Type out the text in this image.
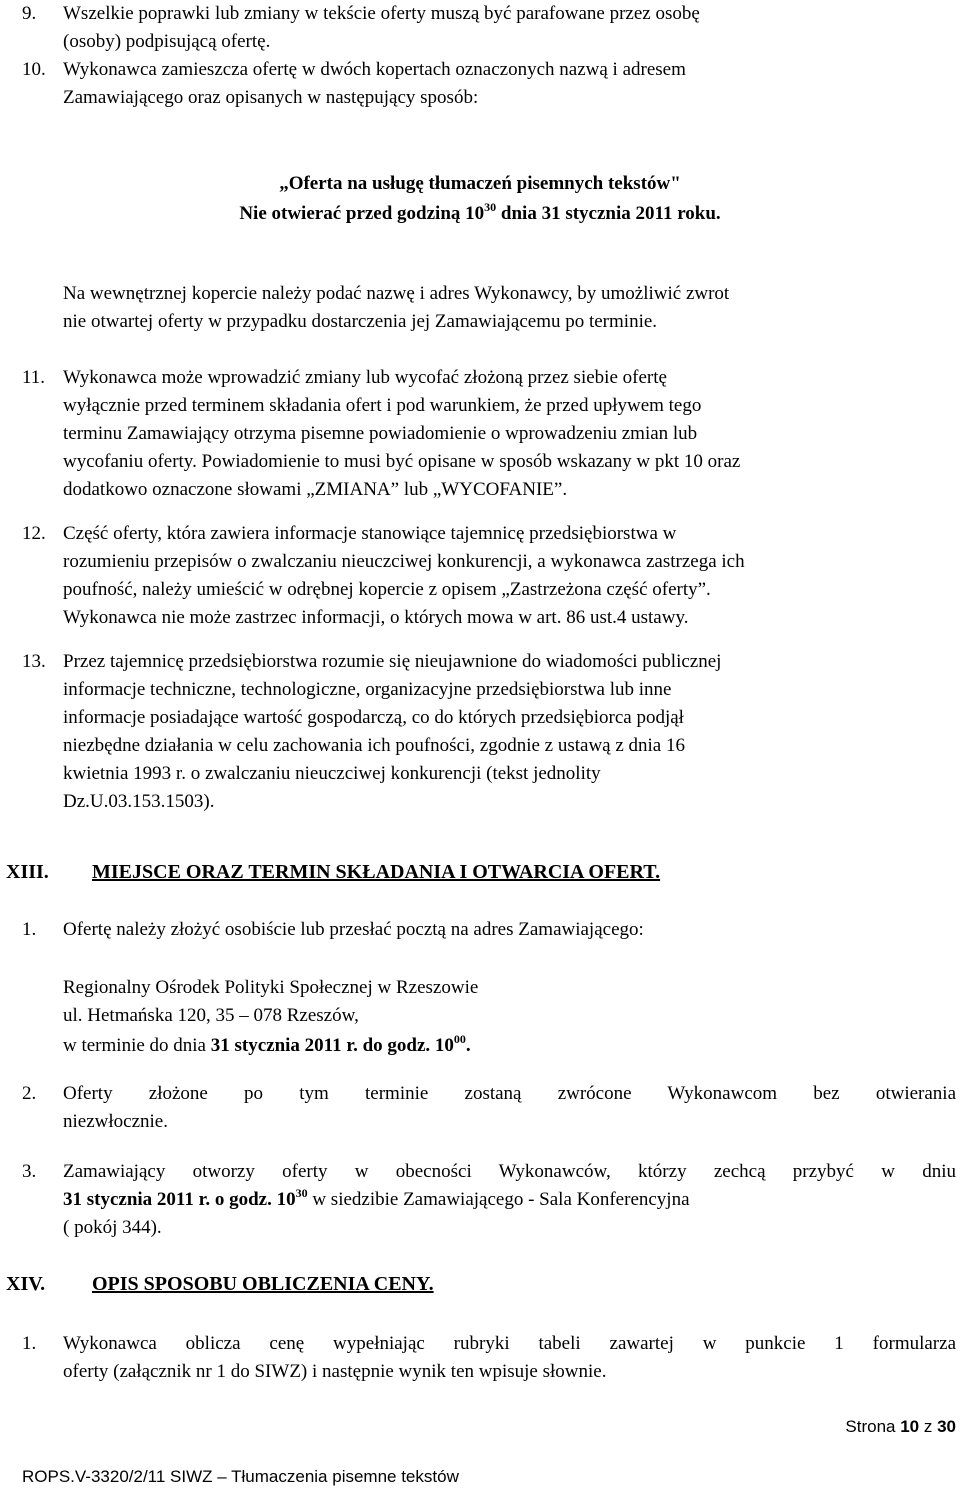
9. Wszelkie poprawki lub zmiany w tekście oferty muszą być parafowane przez osobę
(osoby) podpisującą ofertę.
10. Wykonawca zamieszcza ofertę w dwóch kopertach oznaczonych nazwą i adresem
Zamawiającego oraz opisanych w następujący sposób:
„Oferta na usługę tłumaczeń pisemnych tekstów"
Nie otwierać przed godziną $10^{30}$ dnia 31 stycznia 2011 roku.
Na wewnętrznej kopercie należy podać nazwę i adres Wykonawcy, by umożliwić zwrot
nie otwartej oferty w przypadku dostarczenia jej Zamawiającemu po terminie.
11. Wykonawca może wprowadzić zmiany lub wycofać złożoną przez siebie ofertę
wyłącznie przed terminem składania ofert i pod warunkiem, że przed upływem tego
terminu Zamawiający otrzyma pisemne powiadomienie o wprowadzeniu zmian lub
wycofaniu oferty. Powiadomienie to musi być opisane w sposób wskazany w pkt 10 oraz
dodatkowo oznaczone słowami „ZMIANA” lub „WYCOFANIE”.
12. Część oferty, która zawiera informacje stanowiące tajemnicę przedsiębiorstwa w
rozumieniu przepisów o zwalczaniu nieuczciwej konkurencji, a wykonawca zastrzega ich
poufność, należy umieścić w odrębnej kopercie z opisem „Zastrzeżona część oferty”.
Wykonawca nie może zastrzec informacji, o których mowa w art. 86 ust.4 ustawy.
13. Przez tajemnicę przedsiębiorstwa rozumie się nieujawnione do wiadomości publicznej
informacje techniczne, technologiczne, organizacyjne przedsiębiorstwa lub inne
informacje posiadające wartość gospodarczą, co do których przedsiębiorca podjął
niezbędne działania w celu zachowania ich poufności, zgodnie z ustawą z dnia 16
kwietnia 1993 r. o zwalczaniu nieuczciwej konkurencji (tekst jednolity
Dz.U.03.153.1503).
XIII. MIEJSCE ORAZ TERMIN SKŁADANIA I OTWARCIA OFERT.
1. Ofertę należy złożyć osobiście lub przesłać pocztą na adres Zamawiającego:
Regionalny Ośrodek Polityki Społecznej w Rzeszowie
ul. Hetmańska 120, 35 – 078 Rzeszów,
w terminie do dnia 31 stycznia 2011 r. do godz. $10^{00}$.
2. Oferty złożone po tym terminie zostaną zwrócone Wykonawcom bez otwierania
niezwłocznie.
3. Zamawiający otworzy oferty w obecności Wykonawców, którzy zechcą przybyć w dniu
31 stycznia 2011 r. o godz. $10^{30}$ w siedzibie Zamawiającego - Sala Konferencyjna
( pokój 344).
XIV. OPIS SPOSOBU OBLICZENIA CENY.
1. Wykonawca oblicza cenę wypełniając rubryki tabeli zawartej w punkcie 1 formularza
oferty (załącznik nr 1 do SIWZ) i następnie wynik ten wpisuje słownie.
Strona 10 z 30
ROPS.V-3320/2/11 SIWZ – Tłumaczenia pisemne tekstów
